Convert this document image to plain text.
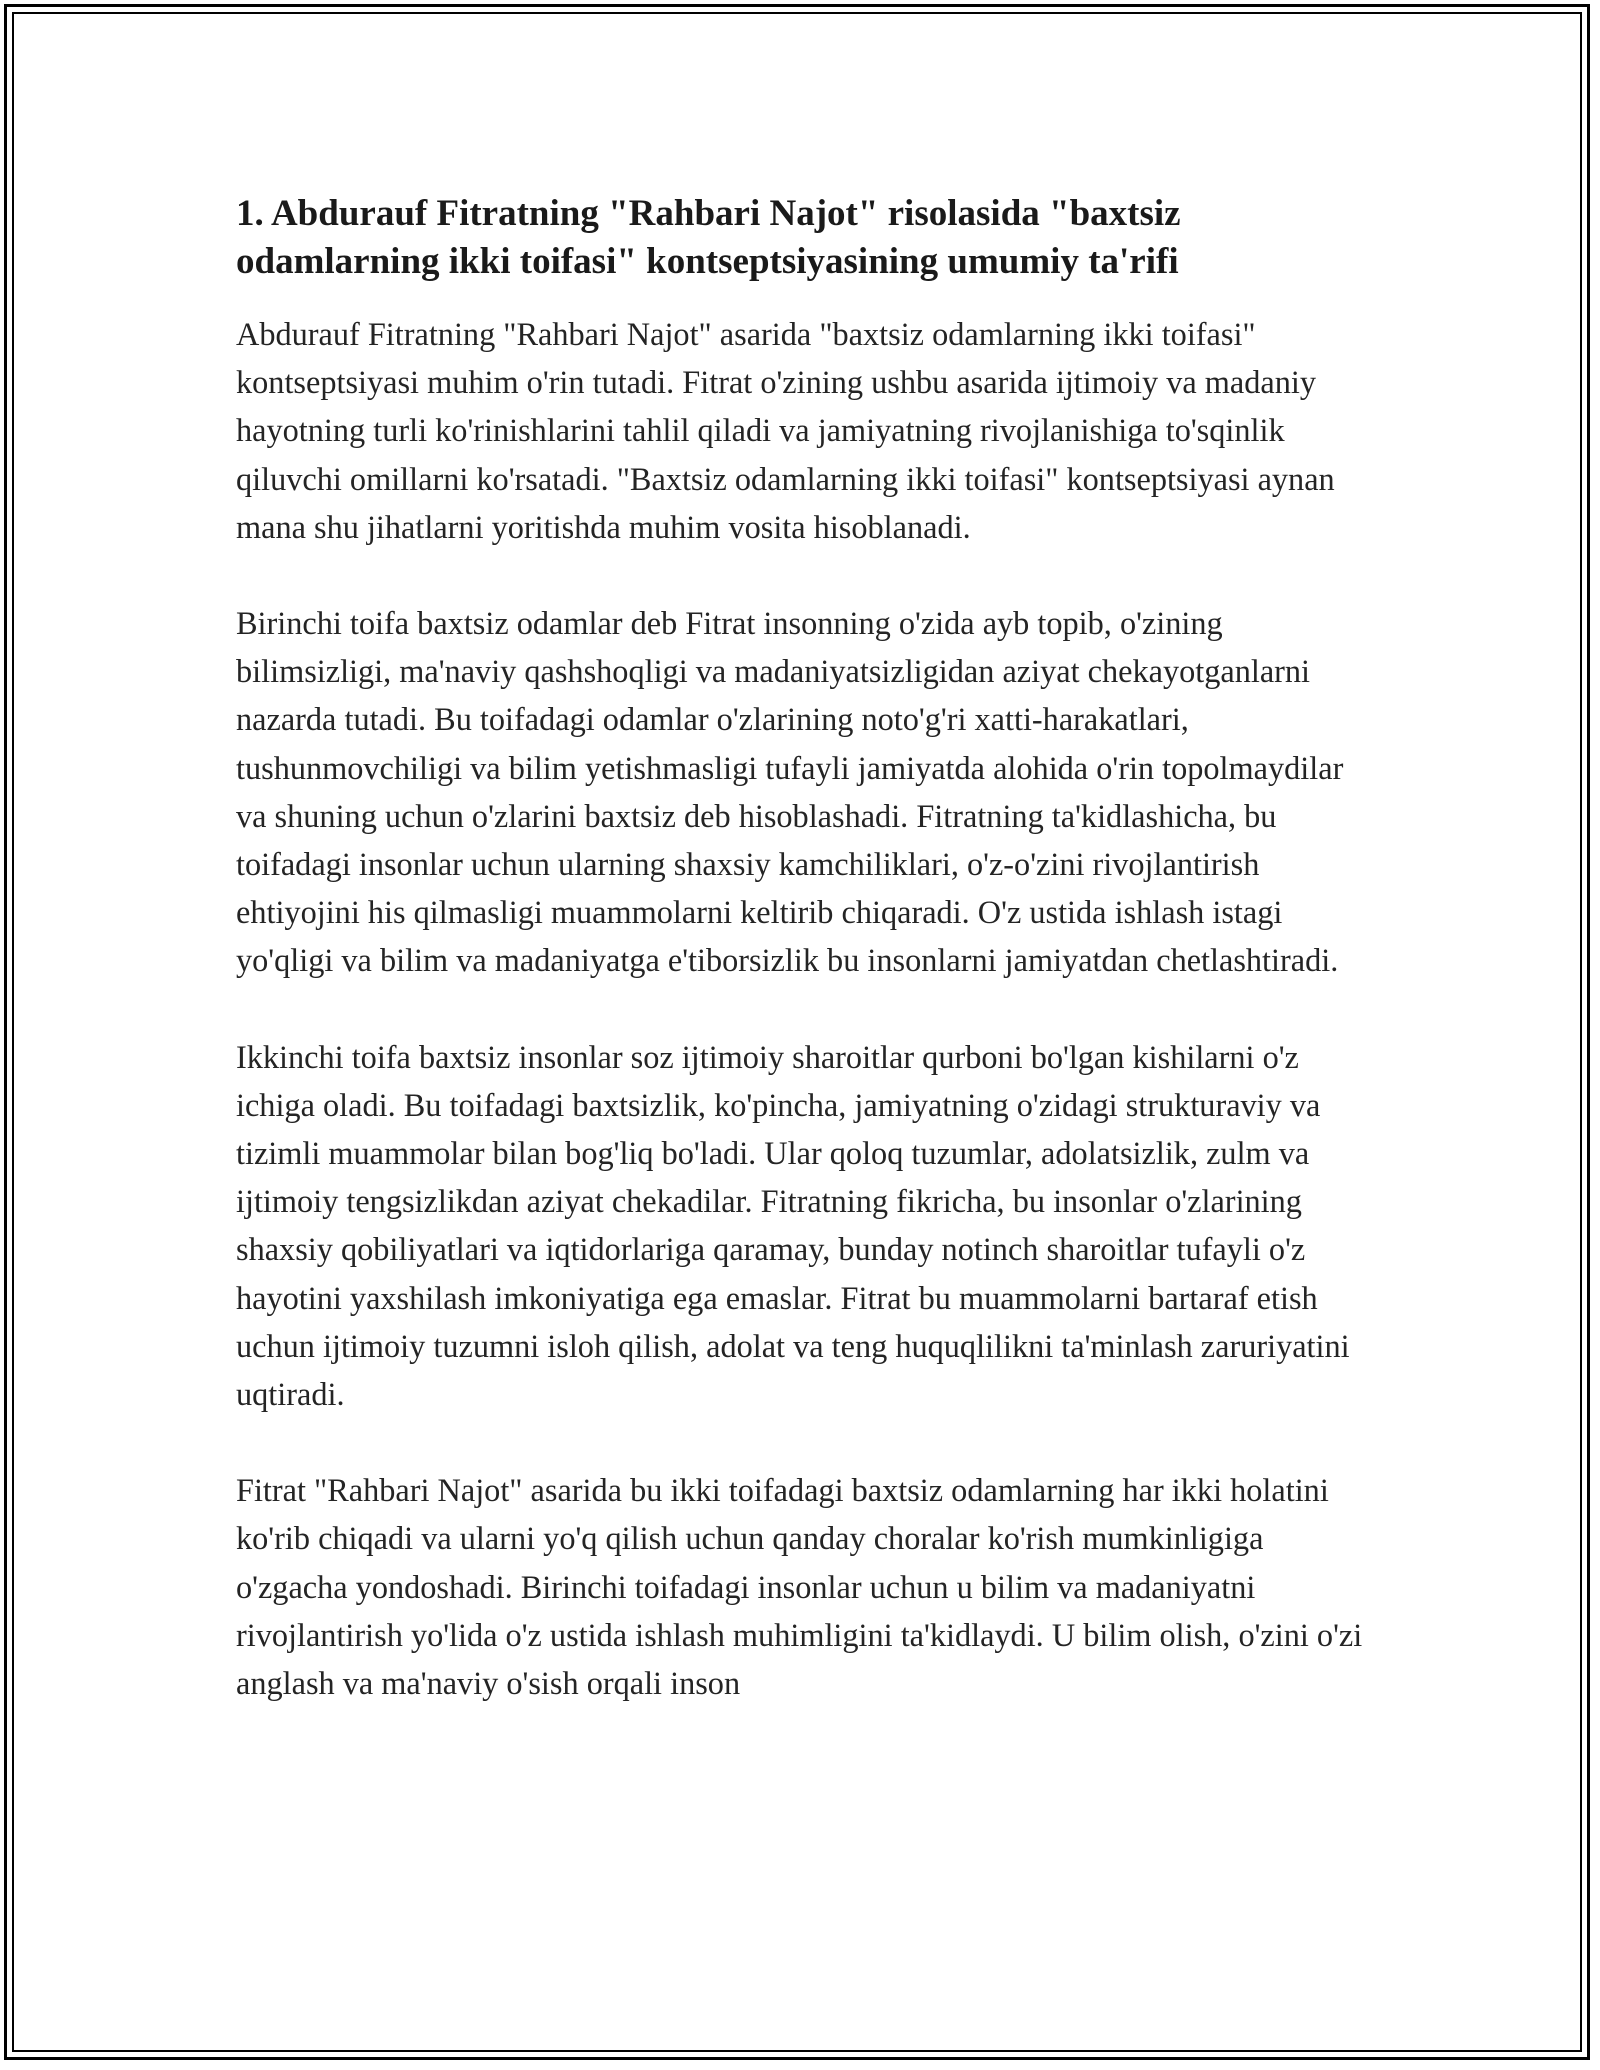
1. Abdurauf Fitratning "Rahbari Najot" risolasida "baxtsiz odamlarning ikki toifasi" kontseptsiyasining umumiy ta'rifi

Abdurauf Fitratning "Rahbari Najot" asarida "baxtsiz odamlarning ikki toifasi" kontseptsiyasi muhim o'rin tutadi. Fitrat o'zining ushbu asarida ijtimoiy va madaniy hayotning turli ko'rinishlarini tahlil qiladi va jamiyatning rivojlanishiga to'sqinlik qiluvchi omillarni ko'rsatadi. "Baxtsiz odamlarning ikki toifasi" kontseptsiyasi aynan mana shu jihatlarni yoritishda muhim vosita hisoblanadi.

Birinchi toifa baxtsiz odamlar deb Fitrat insonning o'zida ayb topib, o'zining bilimsizligi, ma'naviy qashshoqligi va madaniyatsizligidan aziyat chekayotganlarni nazarda tutadi. Bu toifadagi odamlar o'zlarining noto'g'ri xatti-harakatlari, tushunmovchiligi va bilim yetishmasligi tufayli jamiyatda alohida o'rin topolmaydilar va shuning uchun o'zlarini baxtsiz deb hisoblashadi. Fitratning ta'kidlashicha, bu toifadagi insonlar uchun ularning shaxsiy kamchiliklari, o'z-o'zini rivojlantirish ehtiyojini his qilmasligi muammolarni keltirib chiqaradi. O'z ustida ishlash istagi yo'qligi va bilim va madaniyatga e'tiborsizlik bu insonlarni jamiyatdan chetlashtiradi.

Ikkinchi toifa baxtsiz insonlar soz ijtimoiy sharoitlar qurboni bo'lgan kishilarni o'z ichiga oladi. Bu toifadagi baxtsizlik, ko'pincha, jamiyatning o'zidagi strukturaviy va tizimli muammolar bilan bog'liq bo'ladi. Ular qoloq tuzumlar, adolatsizlik, zulm va ijtimoiy tengsizlikdan aziyat chekadilar. Fitratning fikricha, bu insonlar o'zlarining shaxsiy qobiliyatlari va iqtidorlariga qaramay, bunday notinch sharoitlar tufayli o'z hayotini yaxshilash imkoniyatiga ega emaslar. Fitrat bu muammolarni bartaraf etish uchun ijtimoiy tuzumni isloh qilish, adolat va teng huquqlilikni ta'minlash zaruriyatini uqtiradi.

Fitrat "Rahbari Najot" asarida bu ikki toifadagi baxtsiz odamlarning har ikki holatini ko'rib chiqadi va ularni yo'q qilish uchun qanday choralar ko'rish mumkinligiga o'zgacha yondoshadi. Birinchi toifadagi insonlar uchun u bilim va madaniyatni rivojlantirish yo'lida o'z ustida ishlash muhimligini ta'kidlaydi. U bilim olish, o'zini o'zi anglash va ma'naviy o'sish orqali inson
